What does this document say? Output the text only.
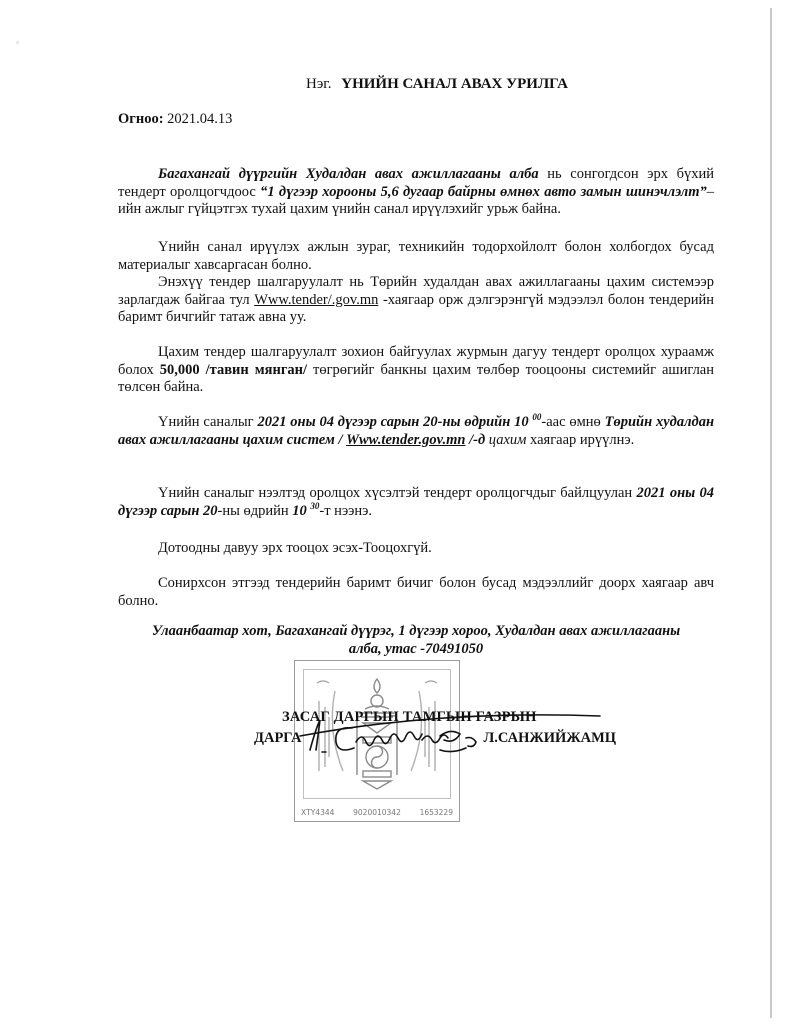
ﾟ
Нэг. ҮНИЙН САНАЛ АВАХ УРИЛГА
Огноо: 2021.04.13

Багахангай дүүргийн Худалдан авах ажиллагааны алба нь сонгогдсон эрх бүхий тендерт оролцогчдоос “1 дүгээр хорооны 5,6 дугаар байрны өмнөх авто замын шинэчлэлт”–ийн ажлыг гүйцэтгэх тухай цахим үнийн санал ирүүлэхийг урьж байна.

Үнийн санал ирүүлэх ажлын зураг, техникийн тодорхойлолт болон холбогдох бусад материалыг хавсаргасан болно.

Энэхүү тендер шалгаруулалт нь Төрийн худалдан авах ажиллагааны цахим системээр зарлагдаж байгаа тул Www.tender/.gov.mn -хаягаар орж дэлгэрэнгүй мэдээлэл болон тендерийн баримт бичгийг татаж авна уу.

Цахим тендер шалгаруулалт зохион байгуулах журмын дагуу тендерт оролцох хураамж болох 50,000 /тавин мянган/ төгрөгийг банкны цахим төлбөр тооцооны системийг ашиглан төлсөн байна.

Үнийн саналыг 2021 оны 04 дүгээр сарын 20-ны өдрийн 10 $^{00}$-аас өмнө Төрийн худалдан авах ажиллагааны цахим систем / Www.tender.gov.mn /-д цахим хаягаар ирүүлнэ.

Үнийн саналыг нээлтэд оролцох хүсэлтэй тендерт оролцогчдыг байлцуулан 2021 оны 04 дүгээр сарын 20-ны өдрийн 10 $^{30}$-т нээнэ.

Дотоодны давуу эрх тооцох эсэх-Тооцохгүй.

Сонирхсон этгээд тендерийн баримт бичиг болон бусад мэдээллийг доорх хаягаар авч болно.

Улаанбаатар хот, Багахангай дүүрэг, 1 дүгээр хороо, Худалдан авах ажиллагааны
алба, утас -70491050
ХТҮ4344 9020010342 1653229
ЗАСАГ ДАРГЫН ТАМГЫН ГАЗРЫН
ДАРГА	Л.САНЖИЙЖАМЦ
